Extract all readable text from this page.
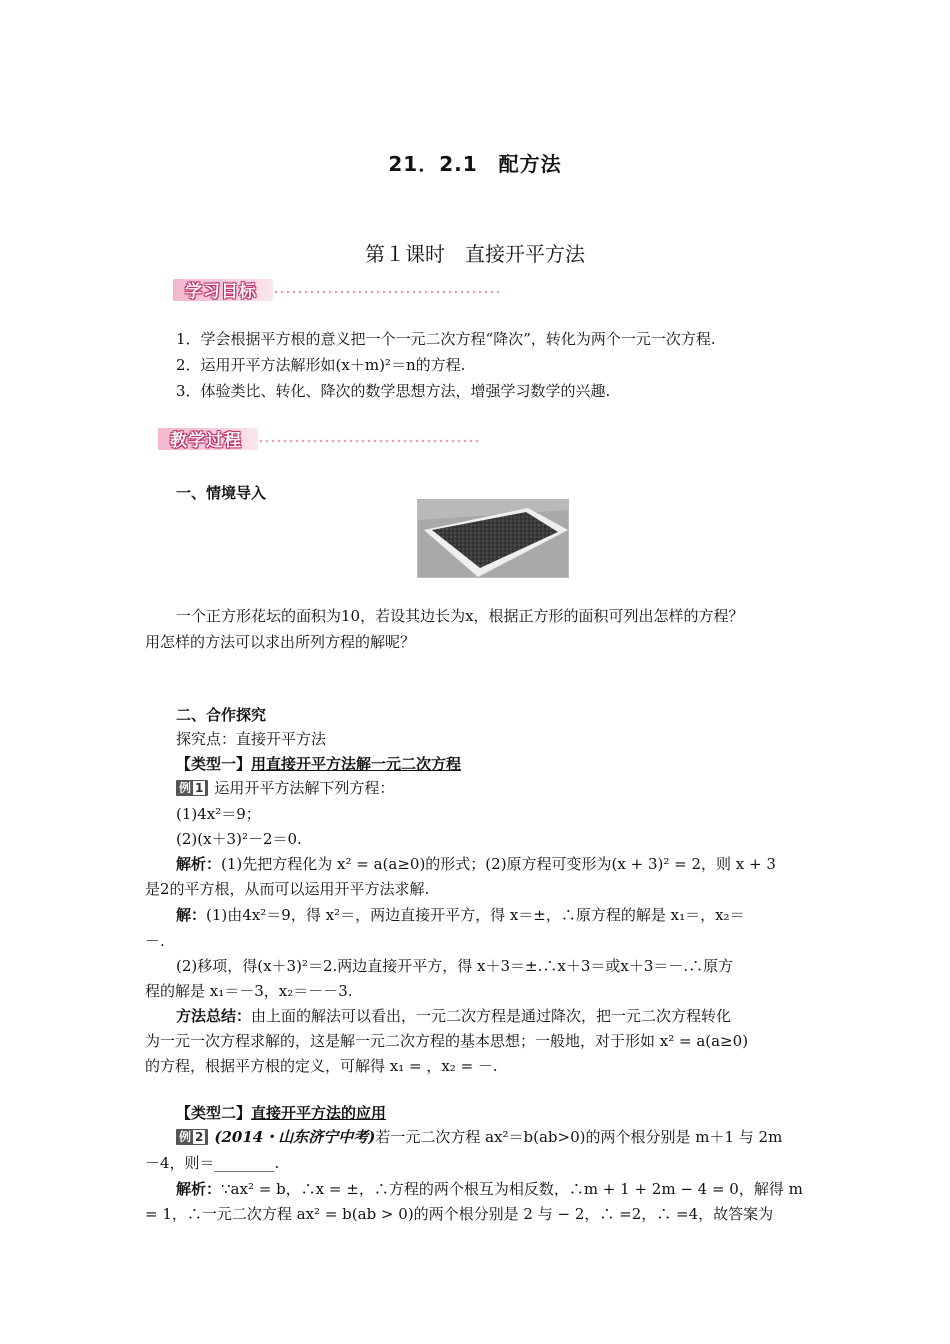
21．2.1　配方法
第１课时　直接开平方法
学习目标
1．学会根据平方根的意义把一个一元二次方程“降次”，转化为两个一元一次方程.
2．运用开平方法解形如(x＋m)²＝n的方程.
3．体验类比、转化、降次的数学思想方法，增强学习数学的兴趣.
教学过程
一、情境导入
一个正方形花坛的面积为10，若设其边长为x，根据正方形的面积可列出怎样的方程？
用怎样的方法可以求出所列方程的解呢？
二、合作探究
探究点：直接开平方法
【类型一】用直接开平方法解一元二次方程
例 1 运用开平方法解下列方程：
(1)4x²＝9；
(2)(x＋3)²－2＝0.
解析：(1)先把方程化为 x² = a(a≥0)的形式；(2)原方程可变形为(x + 3)² = 2，则 x + 3
是2的平方根，从而可以运用开平方法求解.
解：(1)由4x²＝9，得 x²＝，两边直接开平方，得 x＝±，∴原方程的解是 x₁＝，x₂＝
－.
(2)移项，得(x＋3)²＝2.两边直接开平方，得 x＋3＝±.∴x＋3＝或x＋3＝－.∴原方
程的解是 x₁＝－3，x₂＝－－3.
方法总结：由上面的解法可以看出，一元二次方程是通过降次，把一元二次方程转化
为一元一次方程求解的，这是解一元二次方程的基本思想；一般地，对于形如 x² = a(a≥0)
的方程，根据平方根的定义，可解得 x₁ = ，x₂ = －.
【类型二】直接开平方法的应用
例 2 (2014・山东济宁中考)若一元二次方程 ax²＝b(ab>0)的两个根分别是 m＋1 与 2m
－4，则＝________.
解析：∵ax² = b，∴x = ±，∴方程的两个根互为相反数，∴m + 1 + 2m − 4 = 0，解得 m
= 1，∴一元二次方程 ax² = b(ab > 0)的两个根分别是 2 与 − 2，∴ =2，∴ =4，故答案为
